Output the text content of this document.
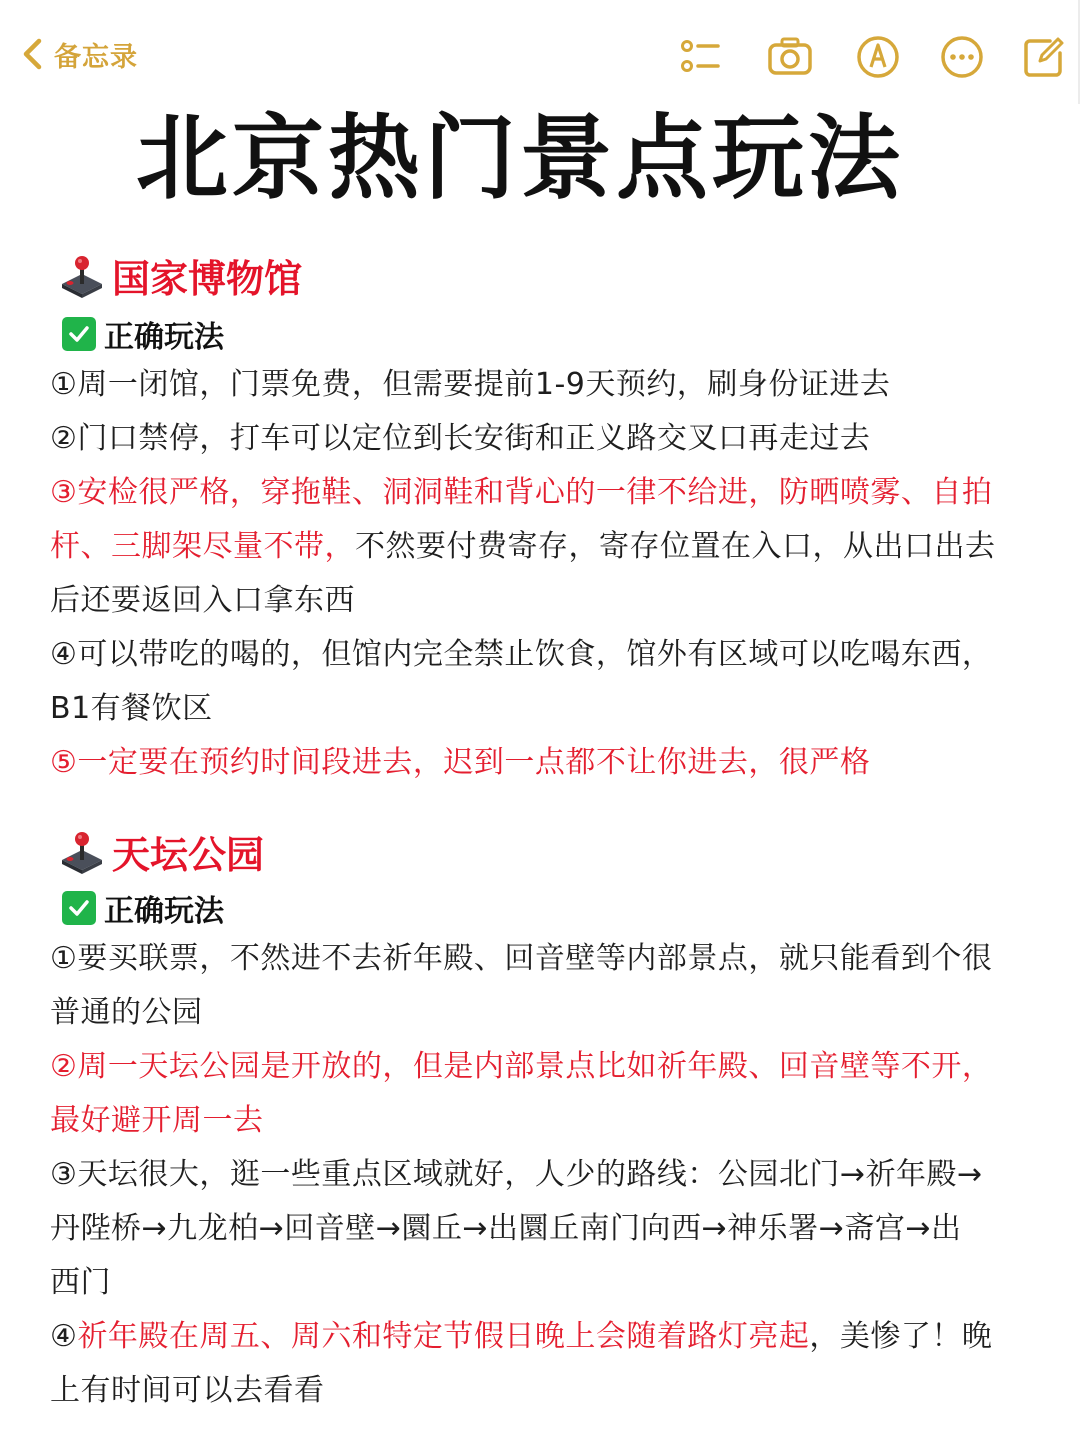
备忘录
北京热门景点玩法
国家博物馆
正确玩法
①周一闭馆，门票免费，但需要提前1-9天预约，刷身份证进去
②门口禁停，打车可以定位到长安街和正义路交叉口再走过去
③安检很严格，穿拖鞋、洞洞鞋和背心的一律不给进，防晒喷雾、自拍
杆、三脚架尽量不带，不然要付费寄存，寄存位置在入口，从出口出去
后还要返回入口拿东西
④可以带吃的喝的，但馆内完全禁止饮食，馆外有区域可以吃喝东西，
B1有餐饮区
⑤一定要在预约时间段进去，迟到一点都不让你进去，很严格
天坛公园
正确玩法
①要买联票，不然进不去祈年殿、回音壁等内部景点，就只能看到个很
普通的公园
②周一天坛公园是开放的，但是内部景点比如祈年殿、回音壁等不开，
最好避开周一去
③天坛很大，逛一些重点区域就好，人少的路线：公园北门→祈年殿→
丹陛桥→九龙柏→回音壁→圜丘→出圜丘南门向西→神乐署→斋宫→出
西门
④祈年殿在周五、周六和特定节假日晚上会随着路灯亮起，美惨了！晚
上有时间可以去看看
